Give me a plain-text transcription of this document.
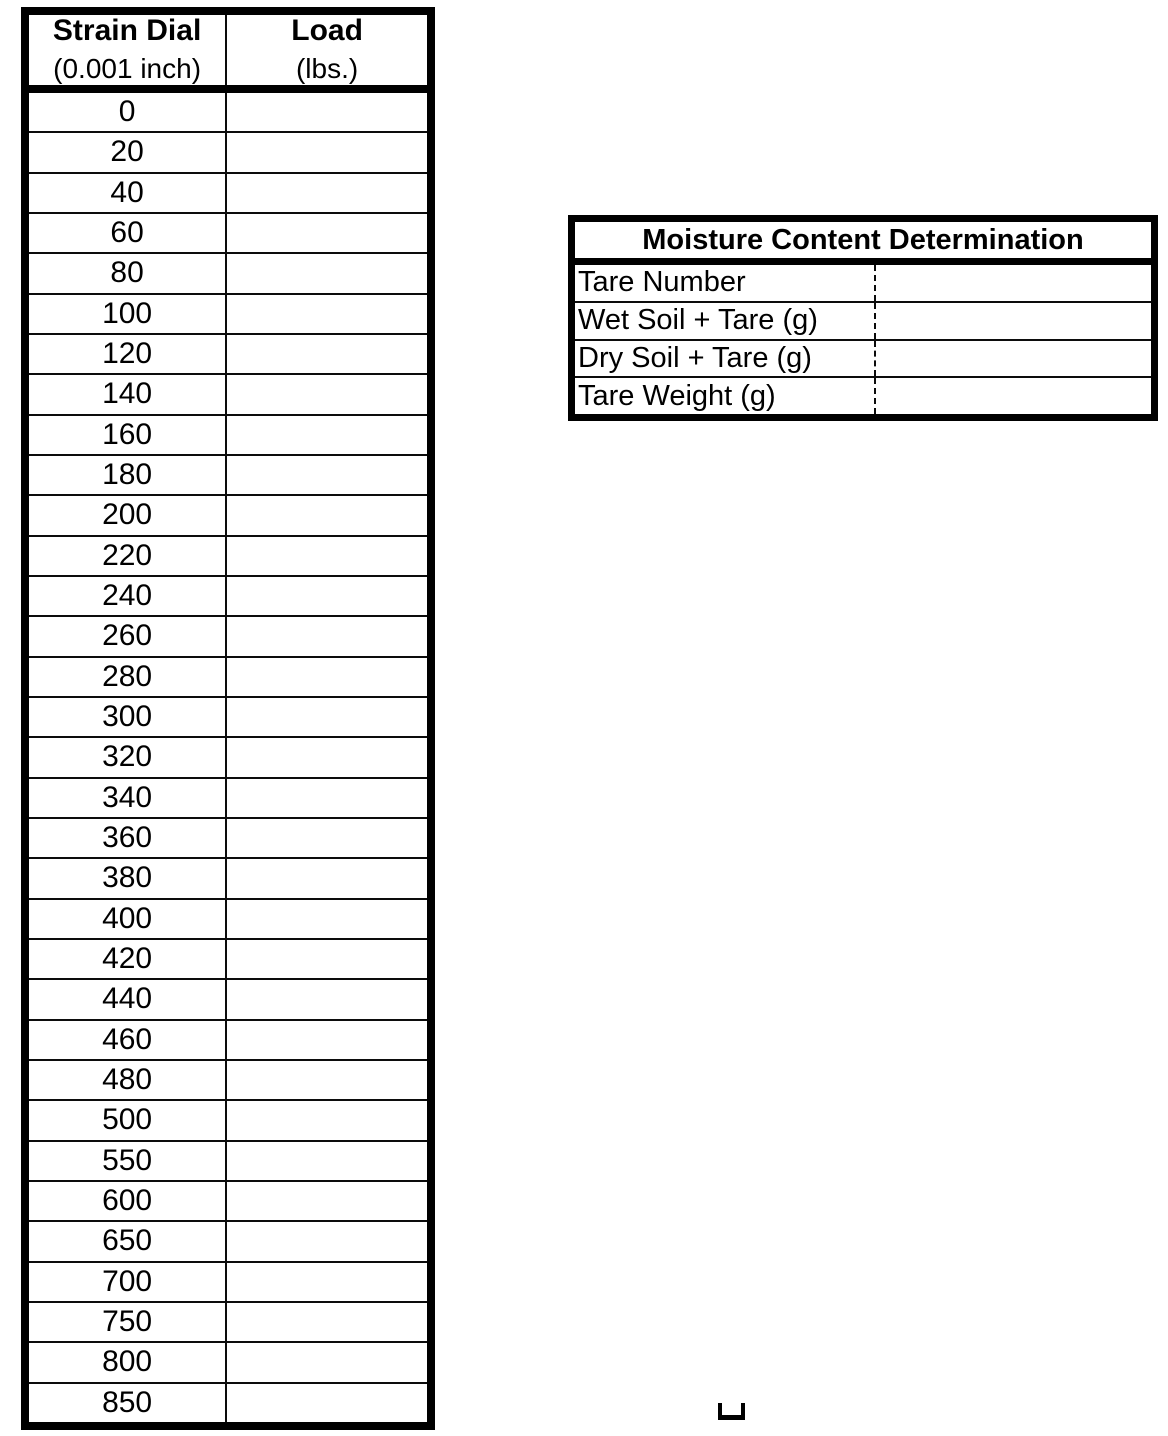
Strain Dial
(0.001 inch)
Load
(lbs.)
0
20
40
60
80
100
120
140
160
180
200
220
240
260
280
300
320
340
360
380
400
420
440
460
480
500
550
600
650
700
750
800
850
Moisture Content Determination
Tare Number
Wet Soil + Tare (g)
Dry Soil + Tare (g)
Tare Weight (g)
